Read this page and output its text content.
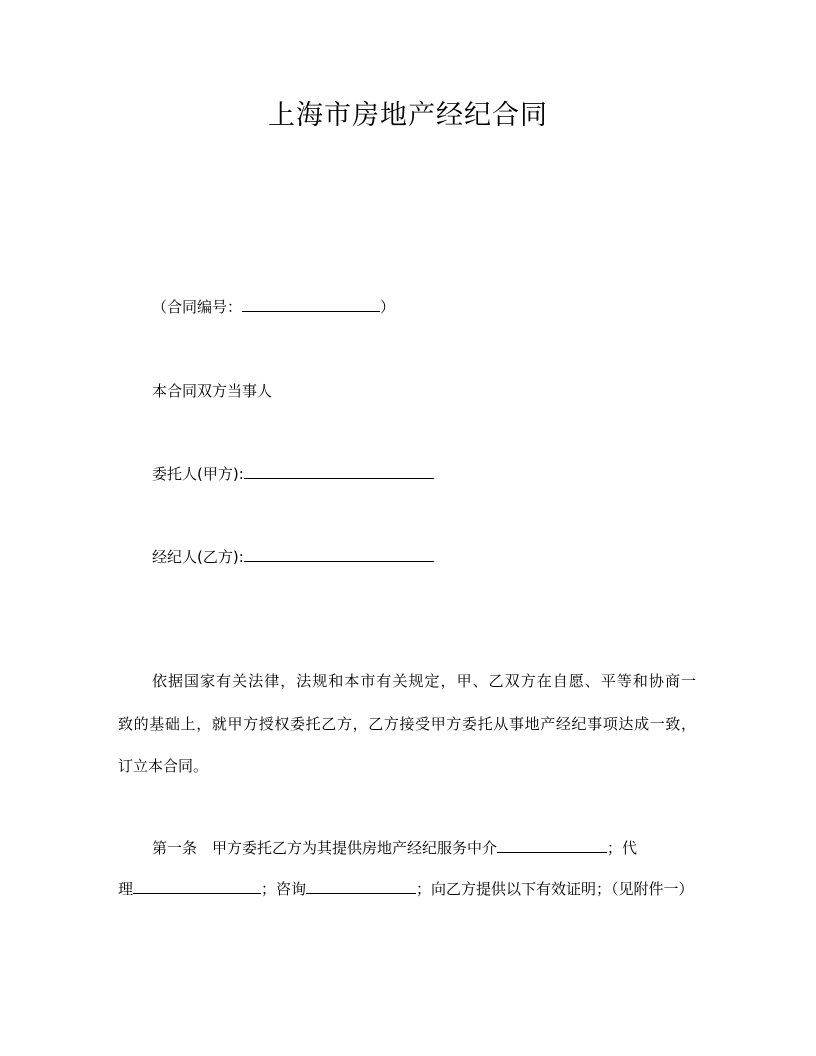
上海市房地产经纪合同
（合同编号：	）
本合同双方当事人
委托人(甲方):
经纪人(乙方):
依据国家有关法律，法规和本市有关规定，甲、乙双方在自愿、平等和协商一
致的基础上，就甲方授权委托乙方，乙方接受甲方委托从事地产经纪事项达成一致，
订立本合同。
第一条　甲方委托乙方为其提供房地产经纪服务中介	；代
理	；咨询	；向乙方提供以下有效证明；（见附件一）
